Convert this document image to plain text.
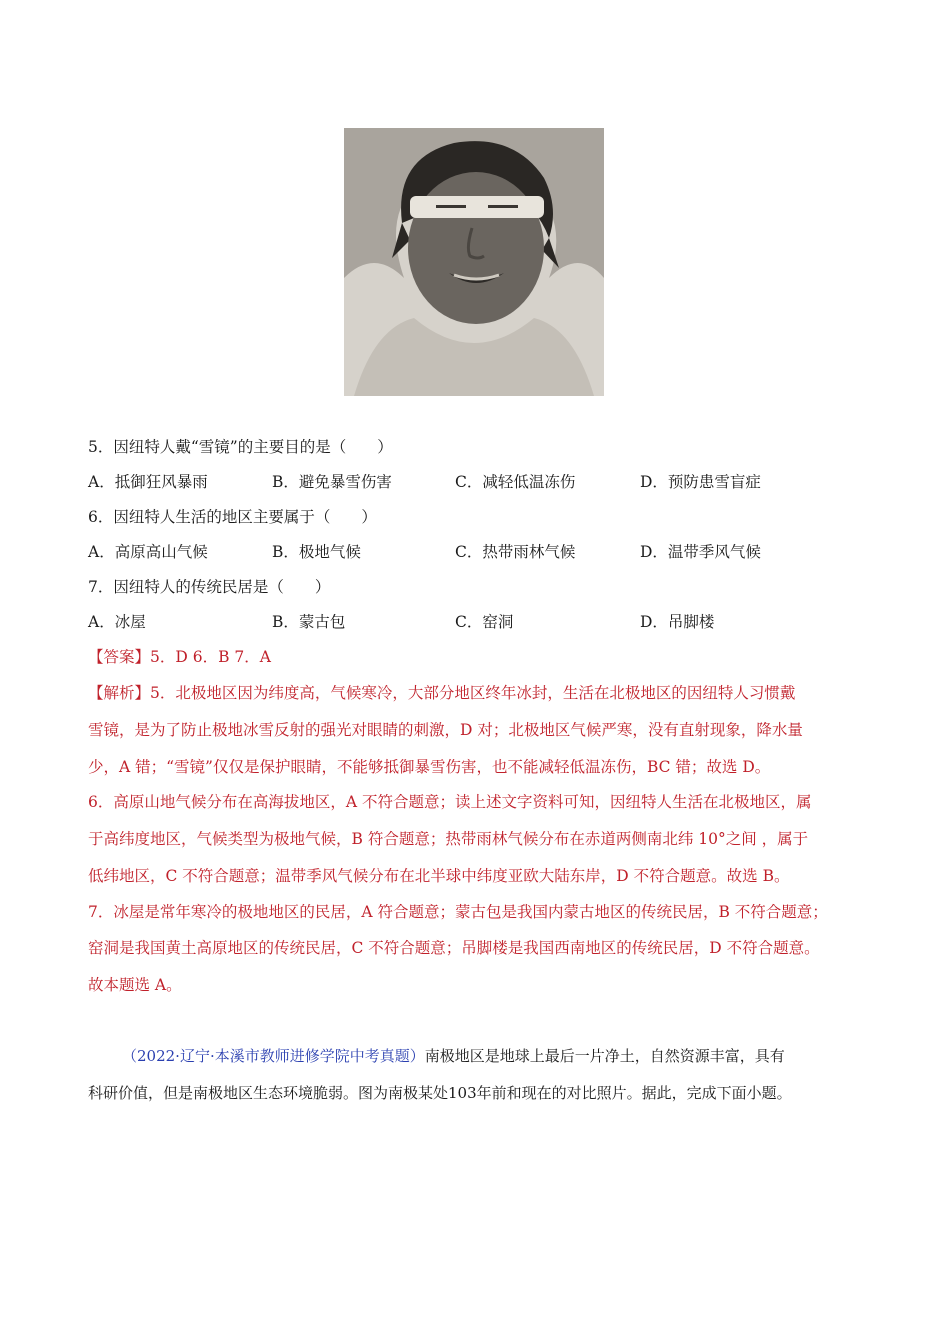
5．因纽特人戴“雪镜”的主要目的是（　　）
A．抵御狂风暴雨	B．避免暴雪伤害	C．减轻低温冻伤	D．预防患雪盲症
6．因纽特人生活的地区主要属于（　　）
A．高原高山气候	B．极地气候	C．热带雨林气候	D．温带季风气候
7．因纽特人的传统民居是（　　）
A．冰屋	B．蒙古包	C．窑洞	D．吊脚楼
【答案】5．D 6．B 7．A
【解析】5．北极地区因为纬度高，气候寒冷，大部分地区终年冰封，生活在北极地区的因纽特人习惯戴
雪镜，是为了防止极地冰雪反射的强光对眼睛的刺激，D 对；北极地区气候严寒，没有直射现象，降水量
少，A 错；“雪镜”仅仅是保护眼睛，不能够抵御暴雪伤害，也不能减轻低温冻伤，BC 错；故选 D。
6．高原山地气候分布在高海拔地区，A 不符合题意；读上述文字资料可知，因纽特人生活在北极地区，属
于高纬度地区，气候类型为极地气候，B 符合题意；热带雨林气候分布在赤道两侧南北纬 10°之间 ，属于
低纬地区，C 不符合题意；温带季风气候分布在北半球中纬度亚欧大陆东岸，D 不符合题意。故选 B。
7．冰屋是常年寒冷的极地地区的民居，A 符合题意；蒙古包是我国内蒙古地区的传统民居，B 不符合题意；
窑洞是我国黄土高原地区的传统民居，C 不符合题意；吊脚楼是我国西南地区的传统民居，D 不符合题意。
故本题选 A。
（2022·辽宁·本溪市教师进修学院中考真题）南极地区是地球上最后一片净土，自然资源丰富，具有
科研价值，但是南极地区生态环境脆弱。图为南极某处103年前和现在的对比照片。据此，完成下面小题。
